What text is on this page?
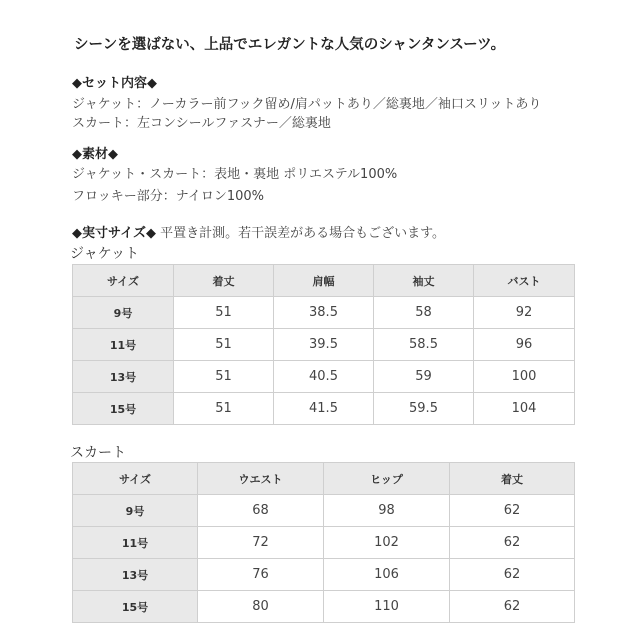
シーンを選ばない、上品でエレガントな人気のシャンタンスーツ。
◆セット内容◆
ジャケット：ノーカラー前フック留め/肩パットあり／総裏地／袖口スリットあり
スカート：左コンシールファスナー／総裏地
◆素材◆
ジャケット・スカート：表地・裏地 ポリエステル100%
フロッキー部分：ナイロン100%
◆実寸サイズ◆ 平置き計測。若干誤差がある場合もございます。
ジャケット
サイズ	着丈	肩幅	袖丈	バスト
9号	51	38.5	58	92
11号	51	39.5	58.5	96
13号	51	40.5	59	100
15号	51	41.5	59.5	104
スカート
サイズ	ウエスト	ヒップ	着丈
9号	68	98	62
11号	72	102	62
13号	76	106	62
15号	80	110	62
